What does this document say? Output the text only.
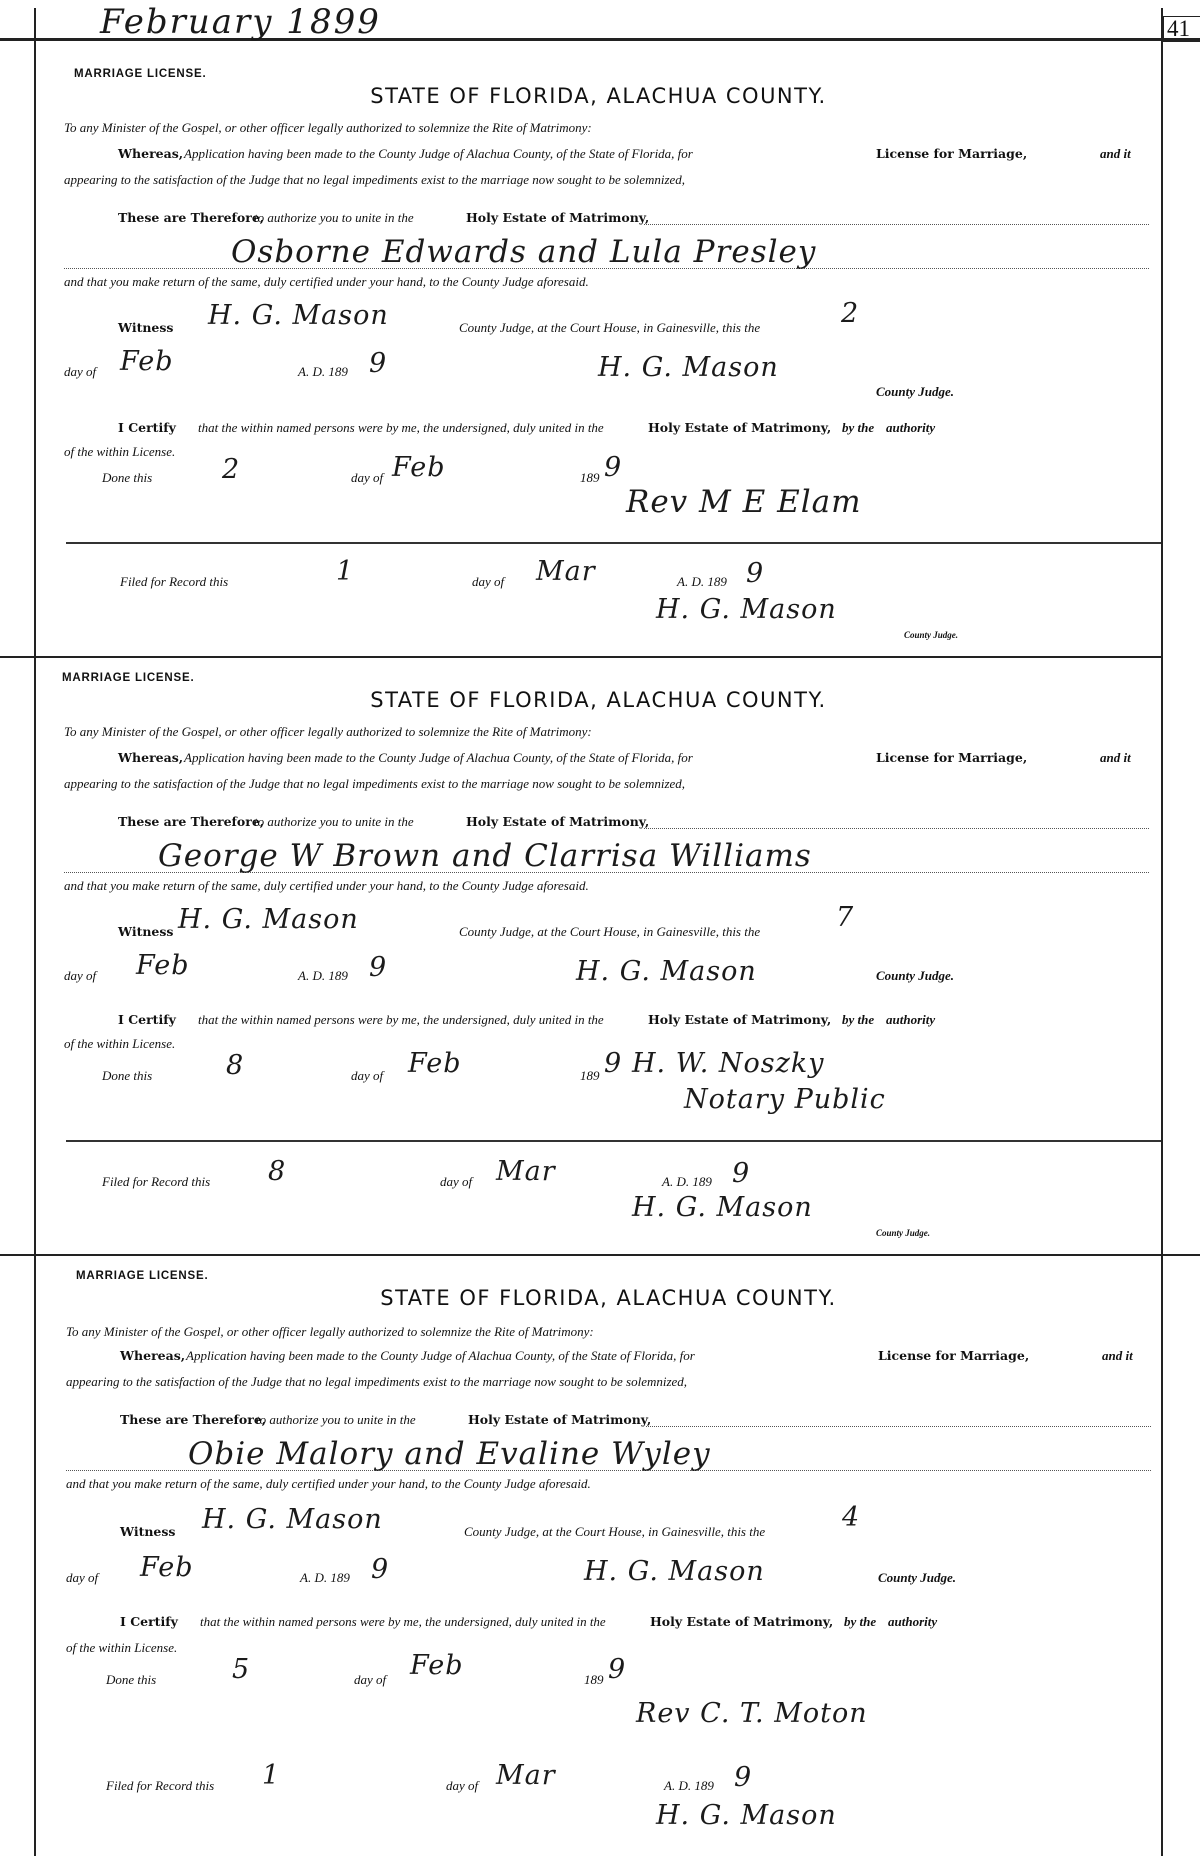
February 1899	41
MARRIAGE LICENSE.
STATE OF FLORIDA, ALACHUA COUNTY.
To any Minister of the Gospel, or other officer legally authorized to solemnize the Rite of Matrimony:
Whereas, Application having been made to the County Judge of Alachua County, of the State of Florida, for	License for Marriage,	and it
appearing to the satisfaction of the Judge that no legal impediments exist to the marriage now sought to be solemnized,
These are Therefore,
to authorize you to unite in the	Holy Estate of Matrimony,
Osborne Edwards and Lula Presley
and that you make return of the same, duly certified under your hand, to the County Judge aforesaid.
Witness H. G. Mason	County Judge, at the Court House, in Gainesville, this the	2
day of Feb	A. D. 189 9	H. G. Mason
County Judge.
I Certify that the within named persons were by me, the undersigned, duly united in the	Holy Estate of Matrimony, by the authority
of the within License.
Done this	2	day of Feb	189 9
Rev M E Elam
Filed for Record this	1	day of Mar	A. D. 189 9
H. G. Mason
County Judge.
MARRIAGE LICENSE.
STATE OF FLORIDA, ALACHUA COUNTY.
To any Minister of the Gospel, or other officer legally authorized to solemnize the Rite of Matrimony:
Whereas, Application having been made to the County Judge of Alachua County, of the State of Florida, for	License for Marriage,	and it
appearing to the satisfaction of the Judge that no legal impediments exist to the marriage now sought to be solemnized,
These are Therefore,
to authorize you to unite in the	Holy Estate of Matrimony,
George W Brown and Clarrisa Williams
and that you make return of the same, duly certified under your hand, to the County Judge aforesaid.
Witness H. G. Mason	County Judge, at the Court House, in Gainesville, this the	7
day of Feb	A. D. 189 9	H. G. Mason	County Judge.
I Certify that the within named persons were by me, the undersigned, duly united in the	Holy Estate of Matrimony, by the authority
of the within License.
Done this	8	day of Feb	189 9 H. W. Noszky
Notary Public
Filed for Record this 8	day of Mar	A. D. 189 9
H. G. Mason
County Judge.
MARRIAGE LICENSE.
STATE OF FLORIDA, ALACHUA COUNTY.
To any Minister of the Gospel, or other officer legally authorized to solemnize the Rite of Matrimony:
Whereas, Application having been made to the County Judge of Alachua County, of the State of Florida, for	License for Marriage,	and it
appearing to the satisfaction of the Judge that no legal impediments exist to the marriage now sought to be solemnized,
These are Therefore,
to authorize you to unite in the	Holy Estate of Matrimony,
Obie Malory and Evaline Wyley
and that you make return of the same, duly certified under your hand, to the County Judge aforesaid.
Witness H. G. Mason	County Judge, at the Court House, in Gainesville, this the	4
day of Feb	A. D. 189 9	H. G. Mason	County Judge.
I Certify that the within named persons were by me, the undersigned, duly united in the	Holy Estate of Matrimony, by the authority
of the within License.
Done this	5	day of Feb	189 9
Rev C. T. Moton
Filed for Record this 1	day of Mar	A. D. 189 9
H. G. Mason
